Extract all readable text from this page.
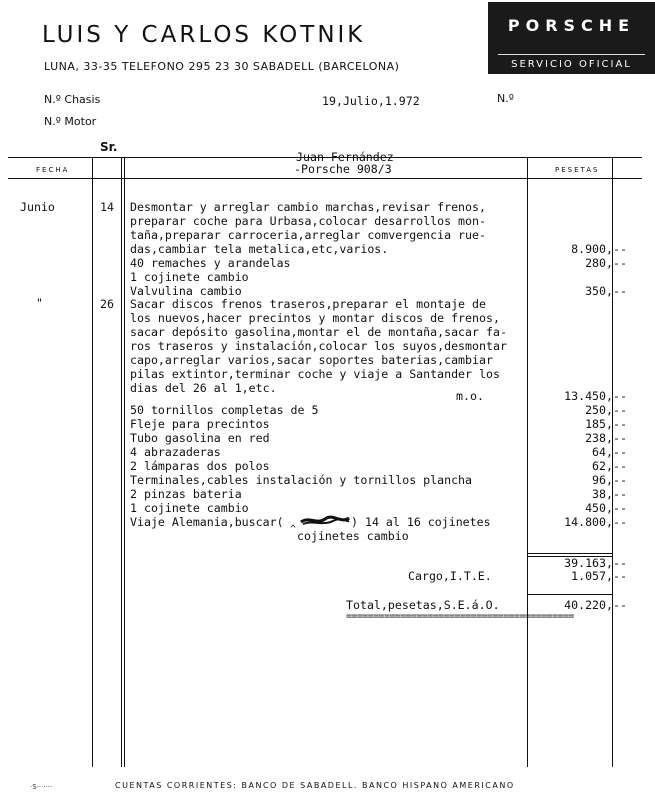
LUIS Y CARLOS KOTNIK
LUNA, 33-35 TELEFONO 295 23 30 SABADELL (BARCELONA)
PORSCHE
SERVICIO OFICIAL
N.º Chasis
N.º Motor
19,Julio,1.972	N.º
Sr.
Juan Fernández
-Porsche 908/3
FECHA	PESETAS
Junio	14 Desmontar y arreglar cambio marchas,revisar frenos,
preparar coche para Urbasa,colocar desarrollos mon-
taña,preparar carroceria,arreglar comvergencia rue-
das,cambiar tela metalica,etc,varios.	8.900, --
40 remaches y arandelas	280, --
1 cojinete cambio
Valvulina cambio	350, --
"	26 Sacar discos frenos traseros,preparar el montaje de
los nuevos,hacer precintos y montar discos de frenos,
sacar depósito gasolina,montar el de montaña,sacar fa-
ros traseros y instalación,colocar los suyos,desmontar
capo,arreglar varios,sacar soportes baterias,cambiar
pilas extintor,terminar coche y viaje a Santander los
dias del 26 al 1,etc.
m.o.	13.450, --
50 tornillos completas de 5	250, --
Fleje para precintos	185, --
Tubo gasolina en red	238, --
4 abrazaderas	64, --
2 lámparas dos polos	62, --
Terminales,cables instalación y tornillos plancha	96, --
2 pinzas bateria	38, --
1 cojinete cambio	450, --
Viaje Alemania,buscar(	) 14 al 16 cojinetes	14.800, --
^ cojinetes cambio
39.163, --
Cargo,I.T.E.	1.057, --
Total,pesetas,S.E.á.O.	40.220, --
==========================================
·S·· ····	CUENTAS CORRIENTES: BANCO DE SABADELL. BANCO HISPANO AMERICANO
